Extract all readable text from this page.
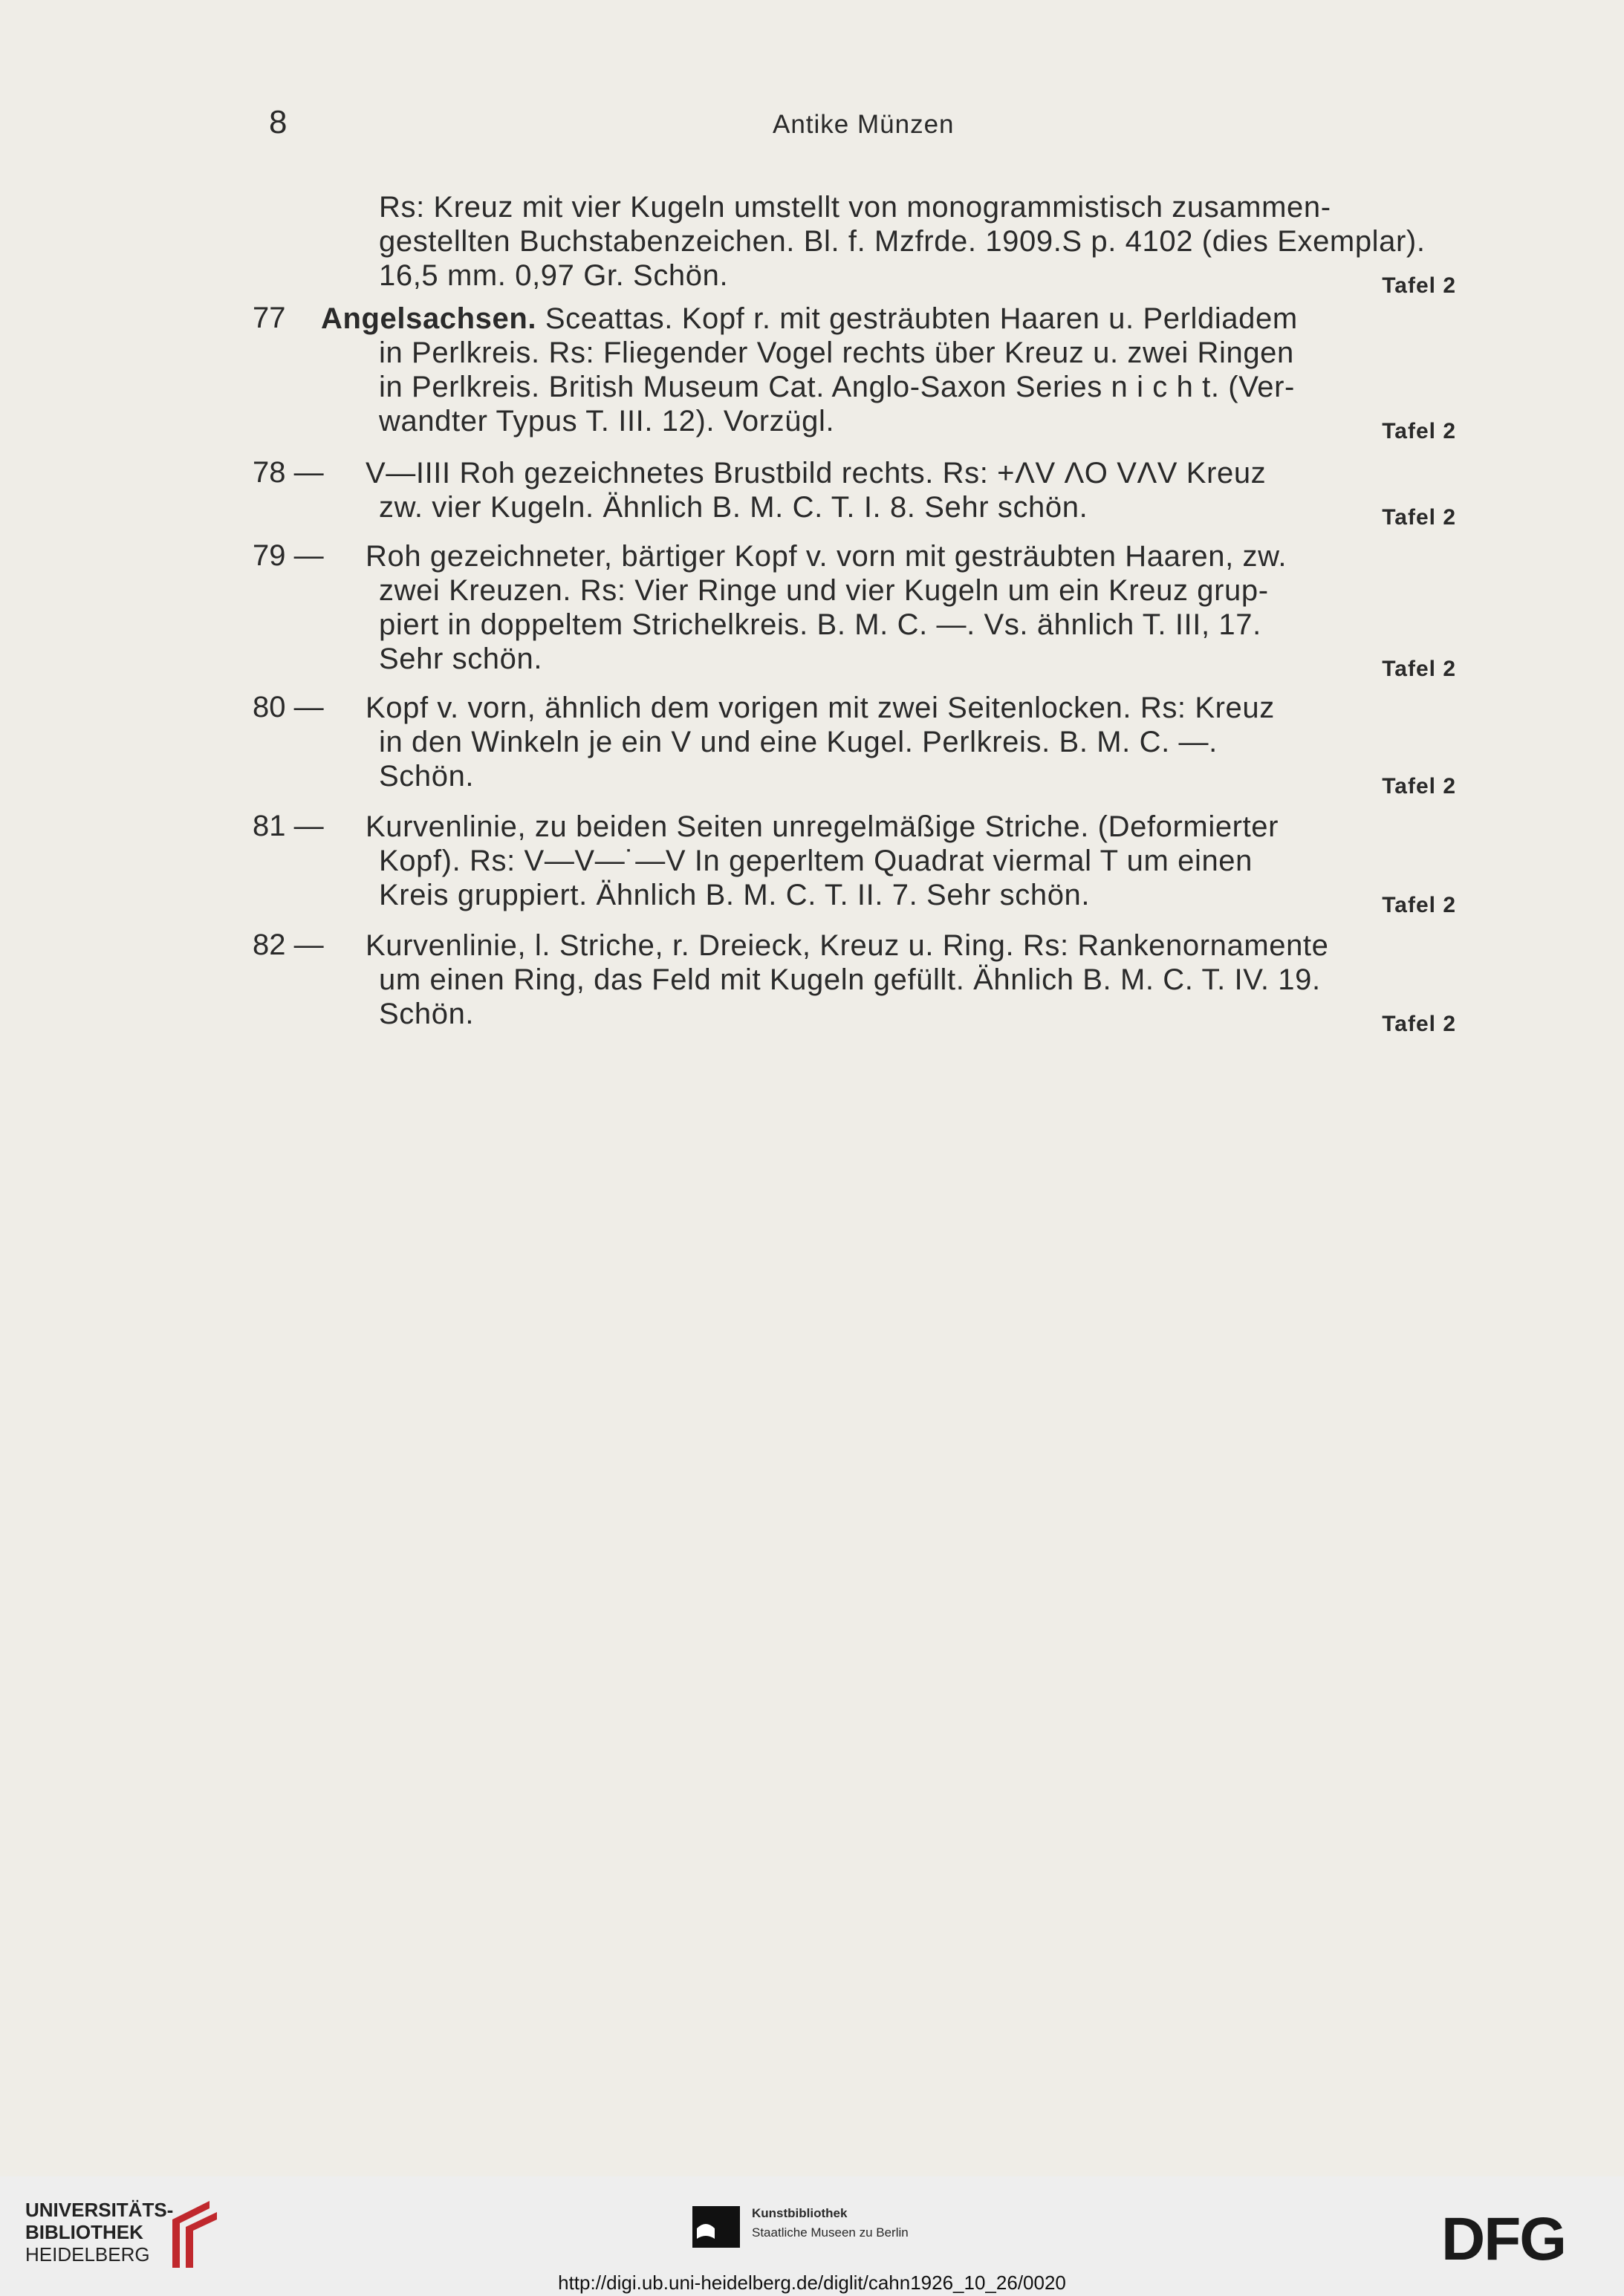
8	Antike Münzen
Rs: Kreuz mit vier Kugeln umstellt von monogrammistisch zusammen-
gestellten Buchstabenzeichen. Bl. f. Mzfrde. 1909.S p. 4102 (dies Exemplar).
16,5 mm. 0,97 Gr. Schön.	Tafel 2
77 Angelsachsen. Sceattas. Kopf r. mit gesträubten Haaren u. Perldiadem
in Perlkreis. Rs: Fliegender Vogel rechts über Kreuz u. zwei Ringen
in Perlkreis. British Museum Cat. Anglo-Saxon Series n i c h t. (Ver-
wandter Typus T. III. 12). Vorzügl.	Tafel 2
78 — V—IIII Roh gezeichnetes Brustbild rechts. Rs: +ΛV ΛO VΛV Kreuz
zw. vier Kugeln. Ähnlich B. M. C. T. I. 8. Sehr schön.	Tafel 2
79 — Roh gezeichneter, bärtiger Kopf v. vorn mit gesträubten Haaren, zw.
zwei Kreuzen. Rs: Vier Ringe und vier Kugeln um ein Kreuz grup-
piert in doppeltem Strichelkreis. B. M. C. —. Vs. ähnlich T. III, 17.
Sehr schön.	Tafel 2
80 — Kopf v. vorn, ähnlich dem vorigen mit zwei Seitenlocken. Rs: Kreuz
in den Winkeln je ein V und eine Kugel. Perlkreis. B. M. C. —.
Schön.	Tafel 2
81 — Kurvenlinie, zu beiden Seiten unregelmäßige Striche. (Deformierter
Kopf). Rs: V—V—˙—V In geperltem Quadrat viermal T um einen
Kreis gruppiert. Ähnlich B. M. C. T. II. 7. Sehr schön.	Tafel 2
82 — Kurvenlinie, l. Striche, r. Dreieck, Kreuz u. Ring. Rs: Rankenornamente
um einen Ring, das Feld mit Kugeln gefüllt. Ähnlich B. M. C. T. IV. 19.
Schön.	Tafel 2
UNIVERSITÄTS-
BIBLIOTHEK
HEIDELBERG
Kunstbibliothek
Staatliche Museen zu Berlin	DFG
http://digi.ub.uni-heidelberg.de/diglit/cahn1926_10_26/0020
